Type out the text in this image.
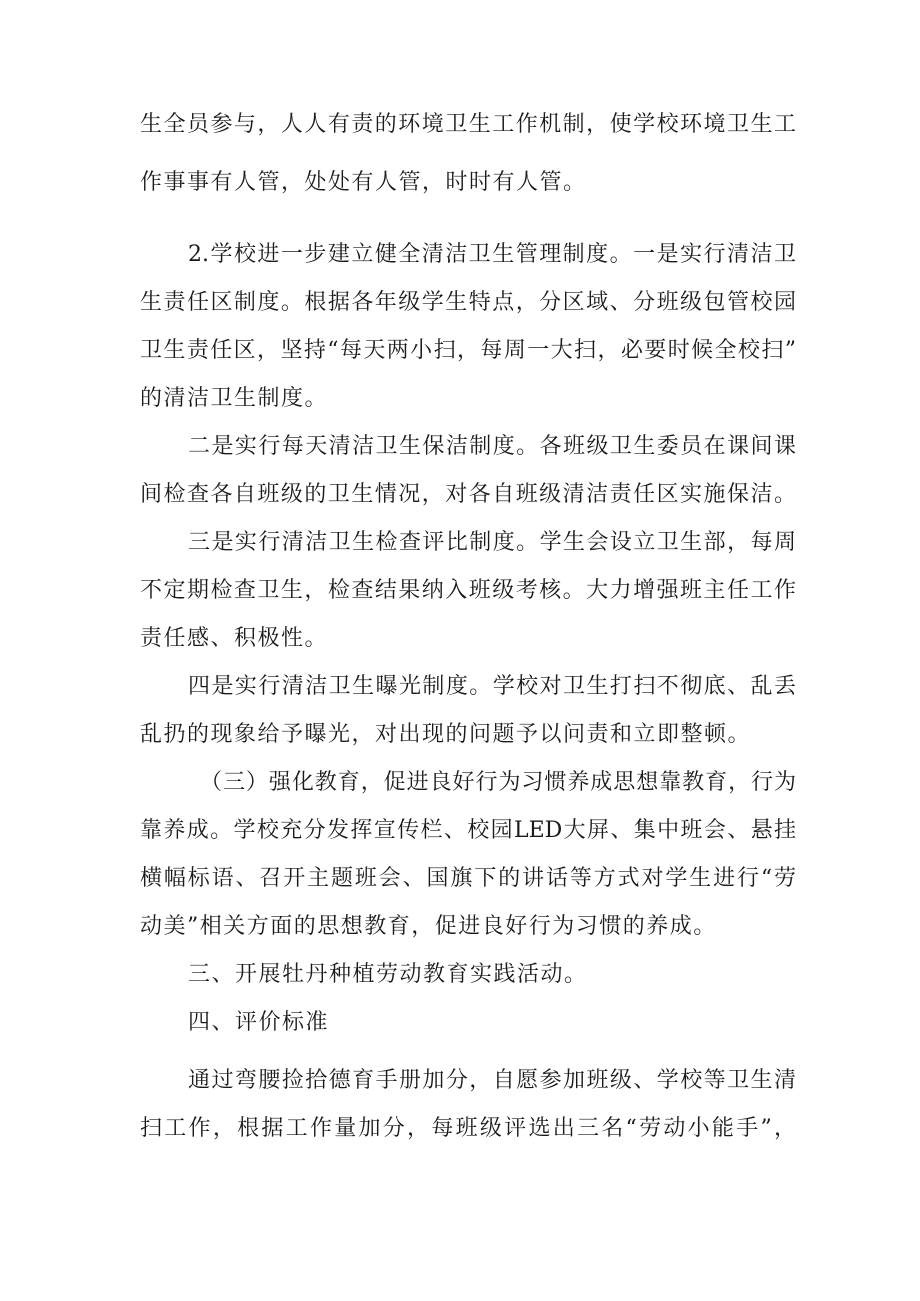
生全员参与，人人有责的环境卫生工作机制，使学校环境卫生工
作事事有人管，处处有人管，时时有人管。
2.学校进一步建立健全清洁卫生管理制度。一是实行清洁卫
生责任区制度。根据各年级学生特点，分区域、分班级包管校园
卫生责任区，坚持“每天两小扫，每周一大扫，必要时候全校扫”
的清洁卫生制度。
二是实行每天清洁卫生保洁制度。各班级卫生委员在课间课
间检查各自班级的卫生情况，对各自班级清洁责任区实施保洁。
三是实行清洁卫生检查评比制度。学生会设立卫生部，每周
不定期检查卫生，检查结果纳入班级考核。大力增强班主任工作
责任感、积极性。
四是实行清洁卫生曝光制度。学校对卫生打扫不彻底、乱丢
乱扔的现象给予曝光，对出现的问题予以问责和立即整顿。
（三）强化教育，促进良好行为习惯养成思想靠教育，行为
靠养成。学校充分发挥宣传栏、校园LED大屏、集中班会、悬挂
横幅标语、召开主题班会、国旗下的讲话等方式对学生进行“劳
动美”相关方面的思想教育，促进良好行为习惯的养成。
三、开展牡丹种植劳动教育实践活动。
四、评价标准
通过弯腰捡拾德育手册加分，自愿参加班级、学校等卫生清
扫工作，根据工作量加分，每班级评选出三名“劳动小能手”，
